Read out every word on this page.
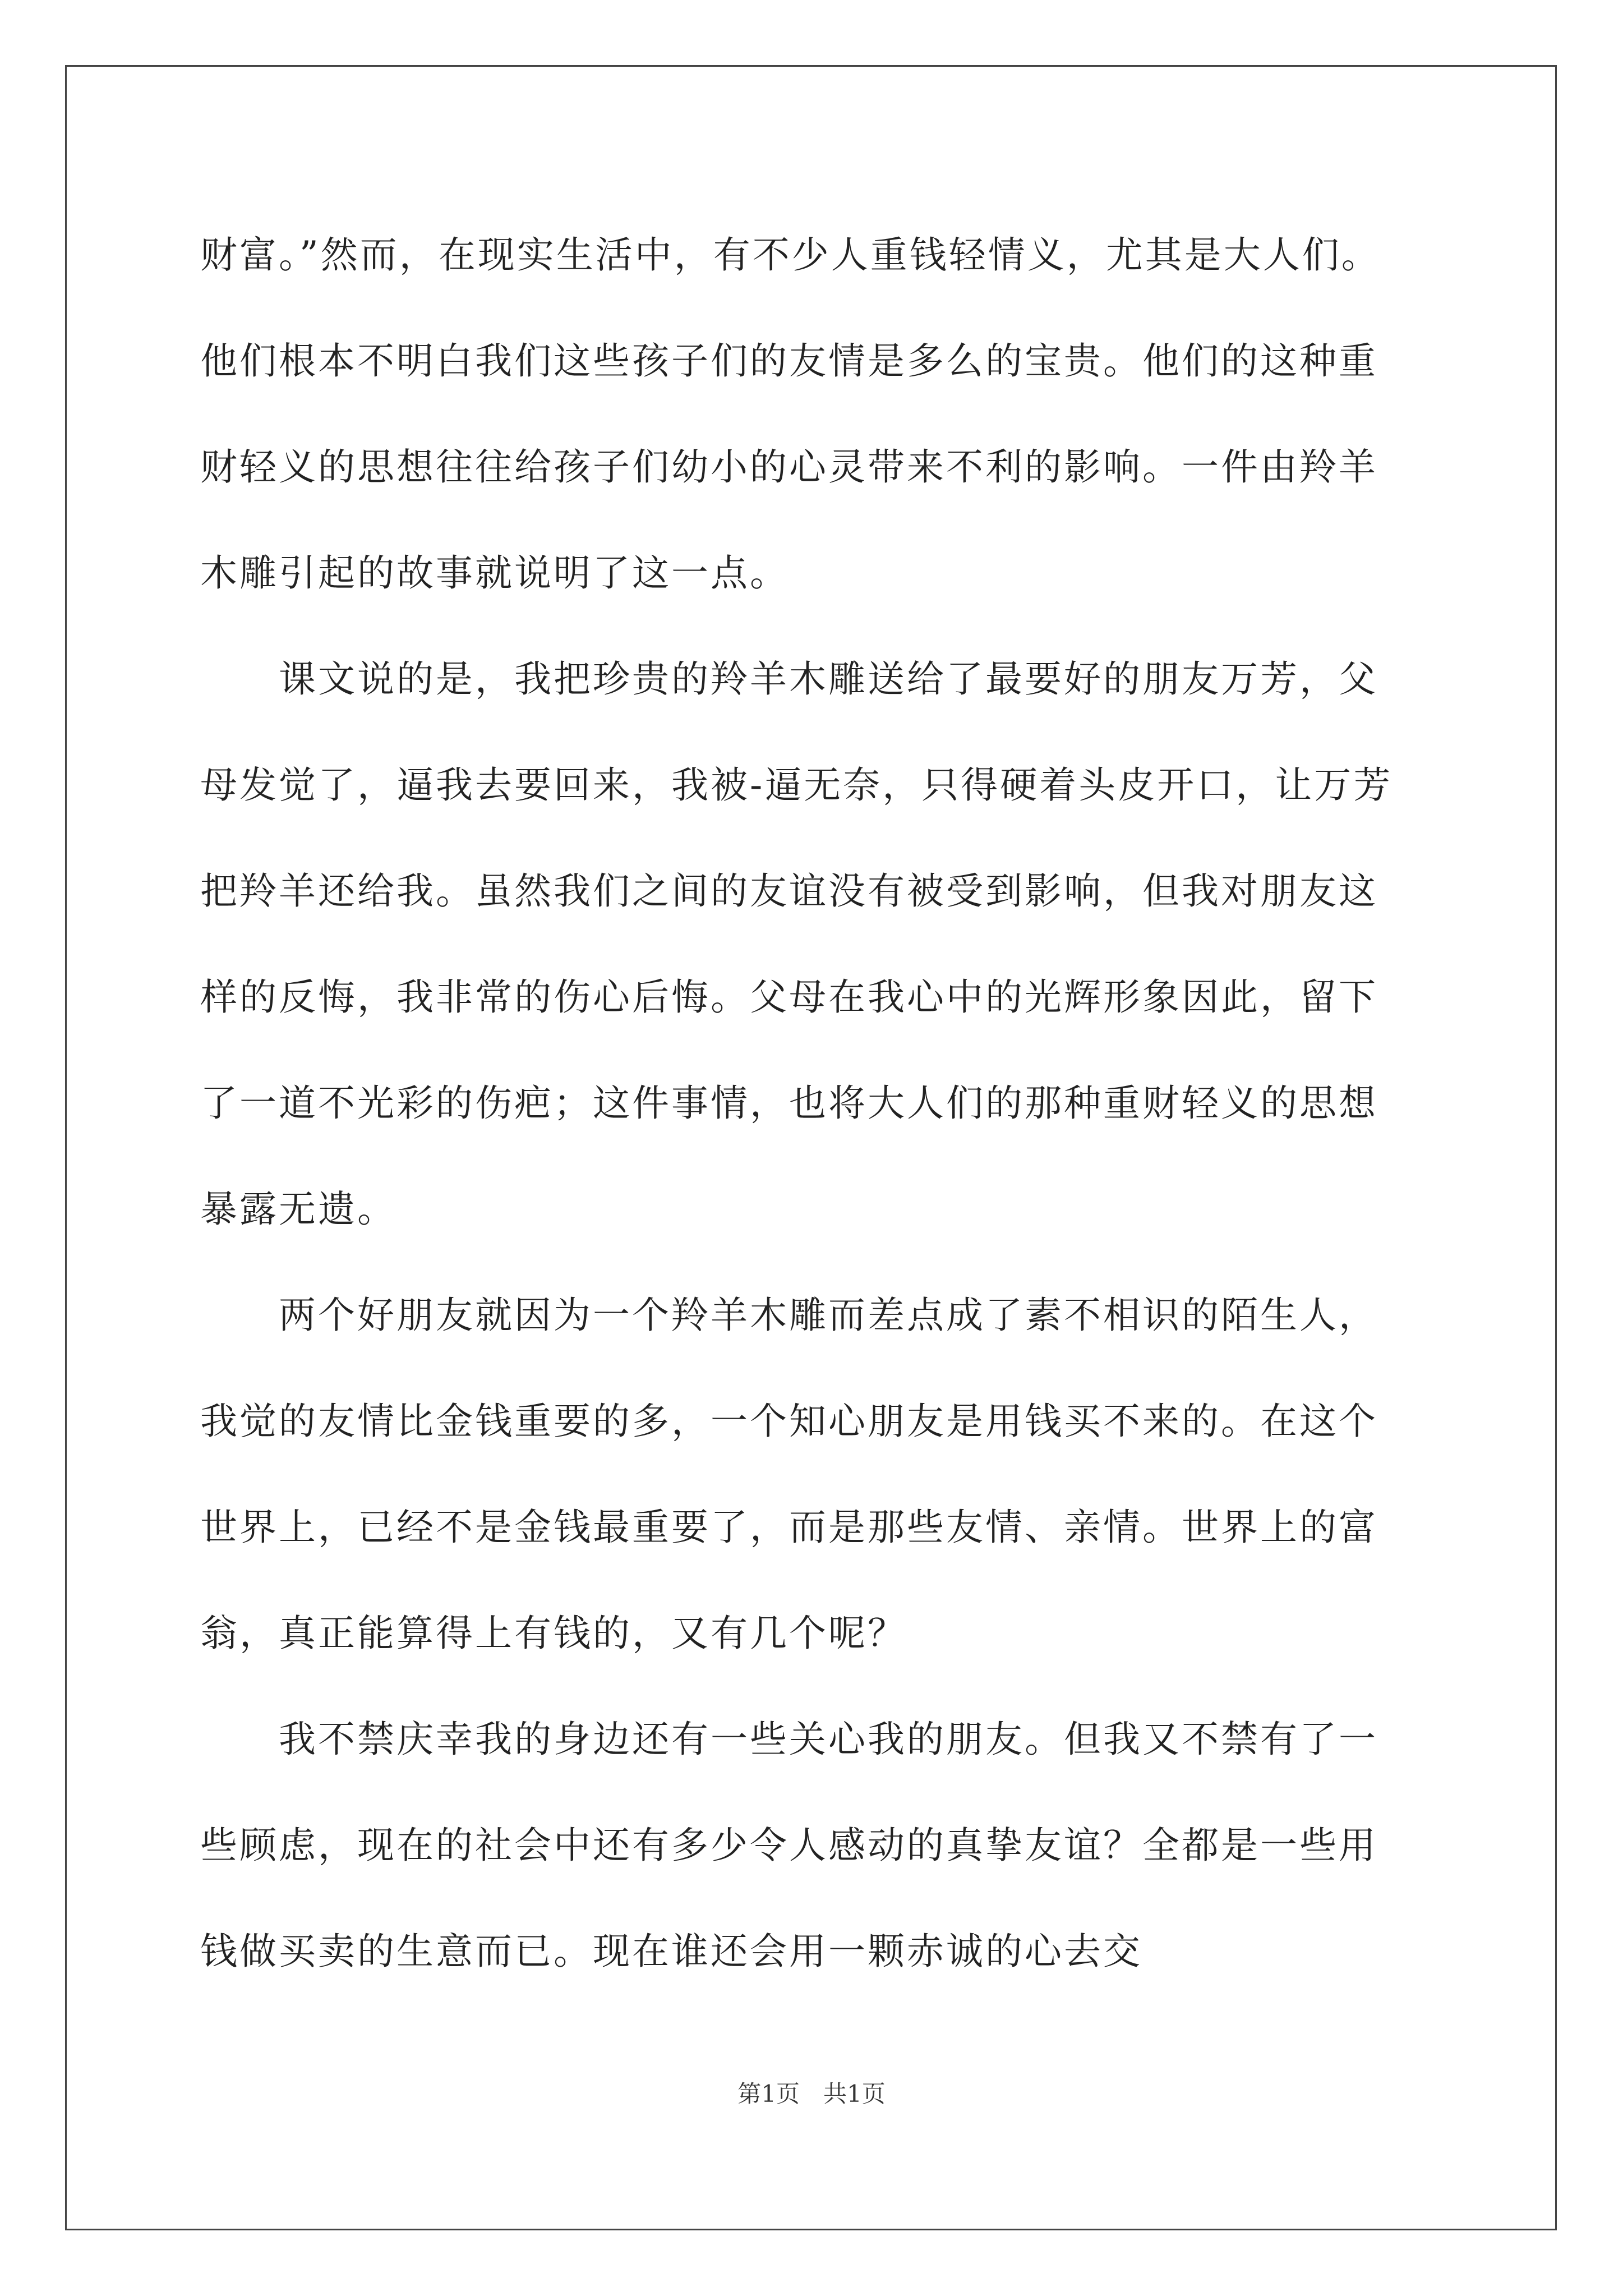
财富。”然而，在现实生活中，有不少人重钱轻情义，尤其是大人们。
他们根本不明白我们这些孩子们的友情是多么的宝贵。他们的这种重
财轻义的思想往往给孩子们幼小的心灵带来不利的影响。一件由羚羊
木雕引起的故事就说明了这一点。
　　课文说的是，我把珍贵的羚羊木雕送给了最要好的朋友万芳，父
母发觉了，逼我去要回来，我被-逼无奈，只得硬着头皮开口，让万芳
把羚羊还给我。虽然我们之间的友谊没有被受到影响，但我对朋友这
样的反悔，我非常的伤心后悔。父母在我心中的光辉形象因此，留下
了一道不光彩的伤疤；这件事情，也将大人们的那种重财轻义的思想
暴露无遗。
　　两个好朋友就因为一个羚羊木雕而差点成了素不相识的陌生人，
我觉的友情比金钱重要的多，一个知心朋友是用钱买不来的。在这个
世界上，已经不是金钱最重要了，而是那些友情、亲情。世界上的富
翁，真正能算得上有钱的，又有几个呢？
　　我不禁庆幸我的身边还有一些关心我的朋友。但我又不禁有了一
些顾虑，现在的社会中还有多少令人感动的真挚友谊？全都是一些用
钱做买卖的生意而已。现在谁还会用一颗赤诚的心去交
第1页　共1页
